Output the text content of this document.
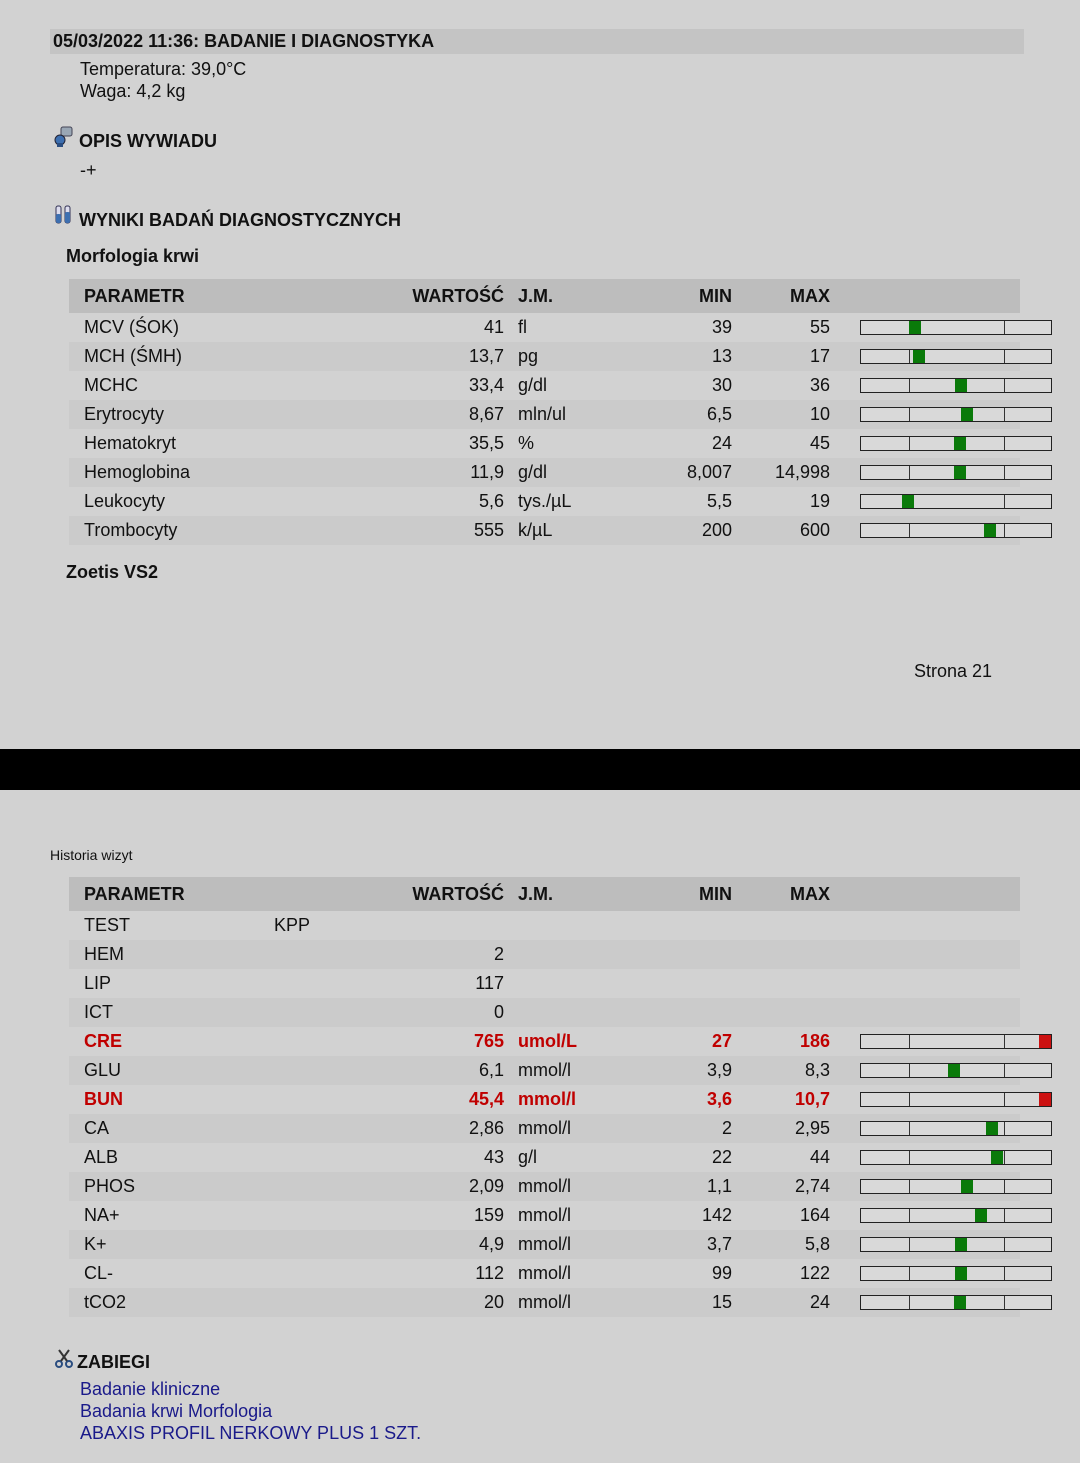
05/03/2022 11:36: BADANIE I DIAGNOSTYKA
Temperatura: 39,0°C
Waga: 4,2 kg
OPIS WYWIADU
-+
WYNIKI BADAŃ DIAGNOSTYCZNYCH
Morfologia krwi
PARAMETR		WARTOŚĆ	J.M.	MIN	MAX	
MCV (ŚOK)		41	fl	39	55	

MCH (ŚMH)		13,7	pg	13	17	

MCHC		33,4	g/dl	30	36	

Erytrocyty		8,67	mln/ul	6,5	10	

Hematokryt		35,5	%	24	45	

Hemoglobina		11,9	g/dl	8,007	14,998	

Leukocyty		5,6	tys./µL	5,5	19	

Trombocyty		555	k/µL	200	600	
Zoetis VS2
Strona 21
Historia wizyt
PARAMETR		WARTOŚĆ	J.M.	MIN	MAX	
TEST	KPP					
HEM		2				
LIP		117				
ICT		0				
CRE		765	umol/L	27	186	

GLU		6,1	mmol/l	3,9	8,3	

BUN		45,4	mmol/l	3,6	10,7	

CA		2,86	mmol/l	2	2,95	

ALB		43	g/l	22	44	

PHOS		2,09	mmol/l	1,1	2,74	

NA+		159	mmol/l	142	164	

K+		4,9	mmol/l	3,7	5,8	

CL-		112	mmol/l	99	122	

tCO2		20	mmol/l	15	24	
ZABIEGI
Badanie kliniczne
Badania krwi Morfologia
ABAXIS PROFIL NERKOWY PLUS 1 SZT.
